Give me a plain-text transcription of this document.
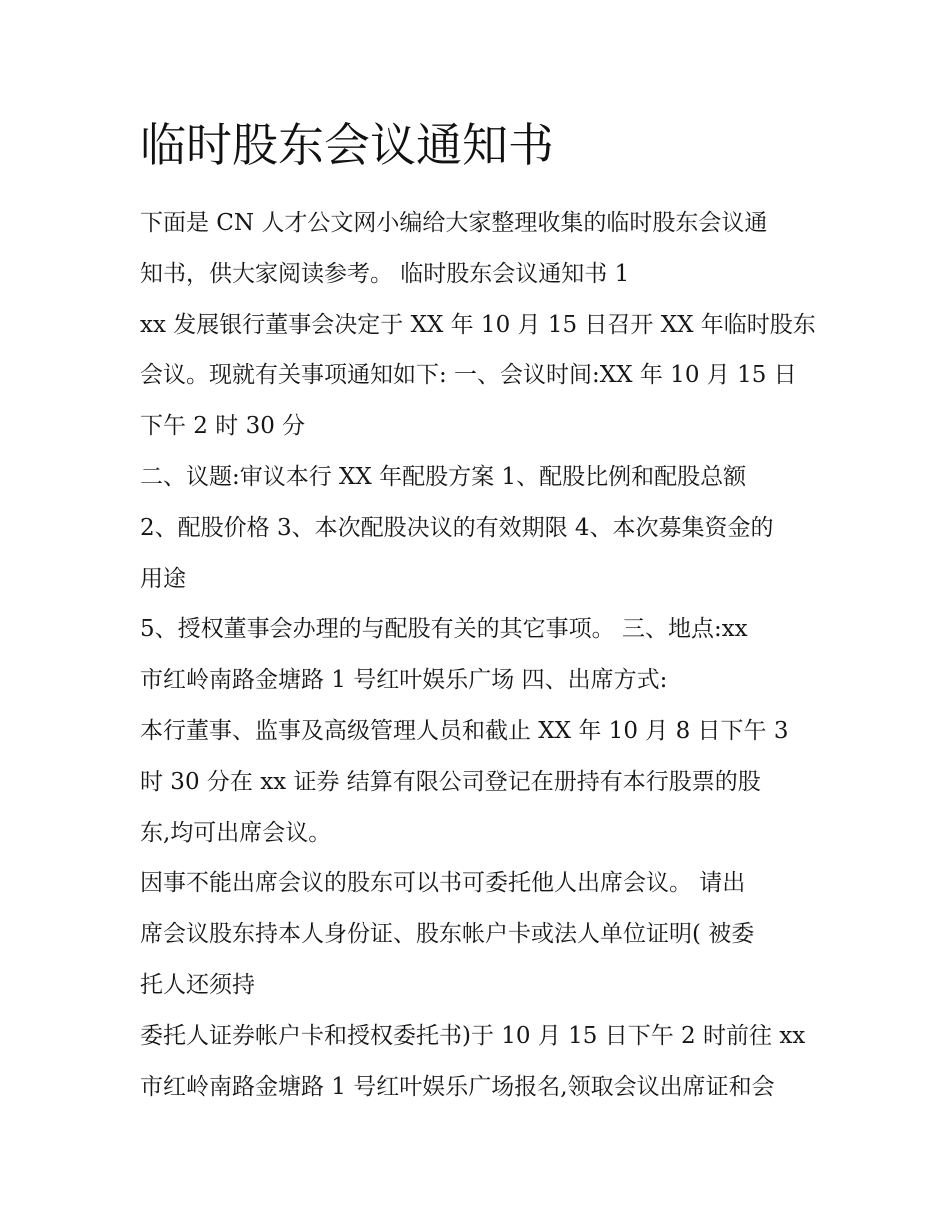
临时股东会议通知书
下面是 CN 人才公文网小编给大家整理收集的临时股东会议通
知书，供大家阅读参考。 临时股东会议通知书 1
xx 发展银行董事会决定于 XX 年 10 月 15 日召开 XX 年临时股东
会议。现就有关事项通知如下: 一、会议时间:XX 年 10 月 15 日
下午 2 时 30 分
二、议题:审议本行 XX 年配股方案 1、配股比例和配股总额
2、配股价格 3、本次配股决议的有效期限 4、本次募集资金的
用途
5、授权董事会办理的与配股有关的其它事项。 三、地点:xx
市红岭南路金塘路 1 号红叶娱乐广场 四、出席方式:
本行董事、监事及高级管理人员和截止 XX 年 10 月 8 日下午 3
时 30 分在 xx 证券 结算有限公司登记在册持有本行股票的股
东,均可出席会议。
因事不能出席会议的股东可以书可委托他人出席会议。 请出
席会议股东持本人身份证、股东帐户卡或法人单位证明( 被委
托人还须持
委托人证券帐户卡和授权委托书)于 10 月 15 日下午 2 时前往 xx
市红岭南路金塘路 1 号红叶娱乐广场报名,领取会议出席证和会
